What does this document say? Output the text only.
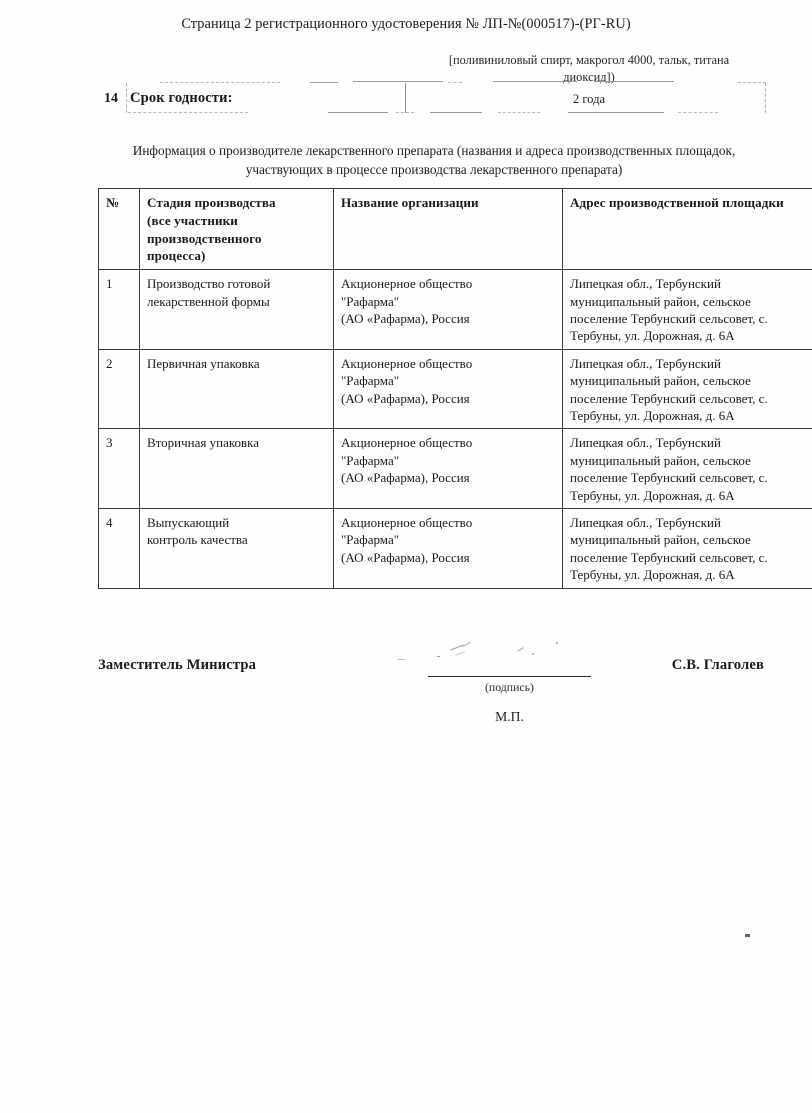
Страница 2 регистрационного удостоверения № ЛП-№(000517)-(РГ-RU)
[поливиниловый спирт, макрогол 4000, тальк, титана
диоксид])
14 Срок годности:	2 года
Информация о производителе лекарственного препарата (названия и адреса производственных площадок,
участвующих в процессе производства лекарственного препарата)
№	Стадия производства
(все участники
производственного
процесса)	Название организации	Адрес производственной площадки
1	Производство готовой
лекарственной формы	Акционерное общество
"Рафарма"
(АО «Рафарма), Россия	Липецкая обл., Тербунский
муниципальный район, сельское
поселение Тербунский сельсовет, с.
Тербуны, ул. Дорожная, д. 6А

2	Первичная упаковка	Акционерное общество
"Рафарма"
(АО «Рафарма), Россия	Липецкая обл., Тербунский
муниципальный район, сельское
поселение Тербунский сельсовет, с.
Тербуны, ул. Дорожная, д. 6А

3	Вторичная упаковка	Акционерное общество
"Рафарма"
(АО «Рафарма), Россия	Липецкая обл., Тербунский
муниципальный район, сельское
поселение Тербунский сельсовет, с.
Тербуны, ул. Дорожная, д. 6А

4	Выпускающий
контроль качества	Акционерное общество
"Рафарма"
(АО «Рафарма), Россия	Липецкая обл., Тербунский
муниципальный район, сельское
поселение Тербунский сельсовет, с.
Тербуны, ул. Дорожная, д. 6А
Заместитель Министра
(подпись)
С.В. Глаголев
М.П.
